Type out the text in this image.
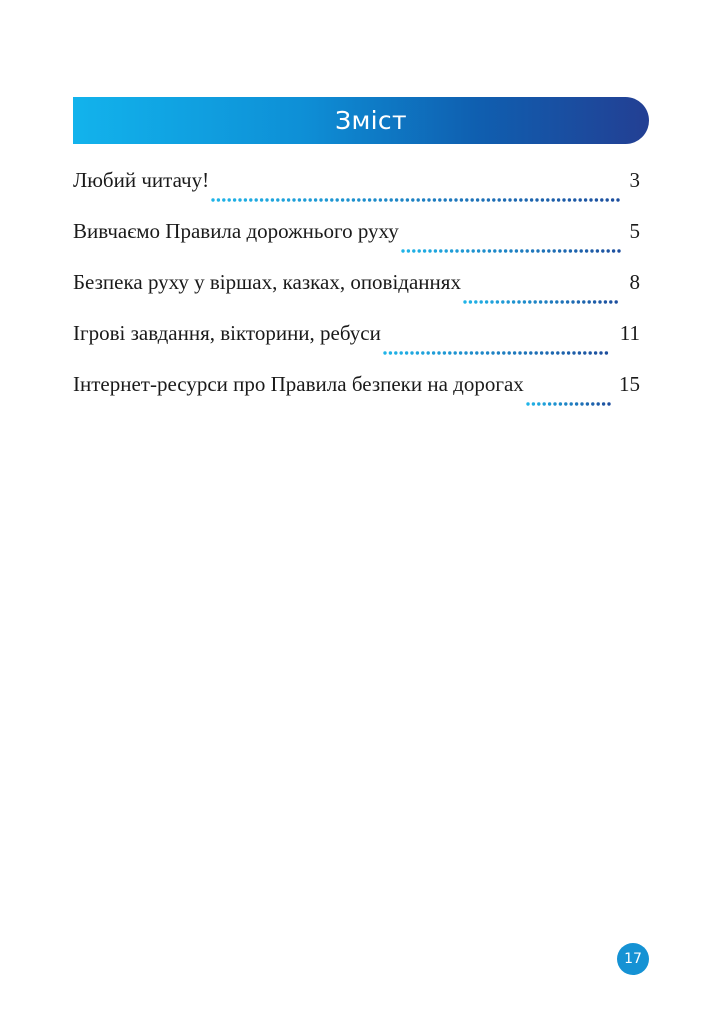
Зміст
Любий читачу!	3
Вивчаємо Правила дорожнього руху	5
Безпека руху у віршах, казках, оповіданнях	8
Ігрові завдання, вікторини, ребуси	11
Інтернет-ресурси про Правила безпеки на дорогах	15
17
